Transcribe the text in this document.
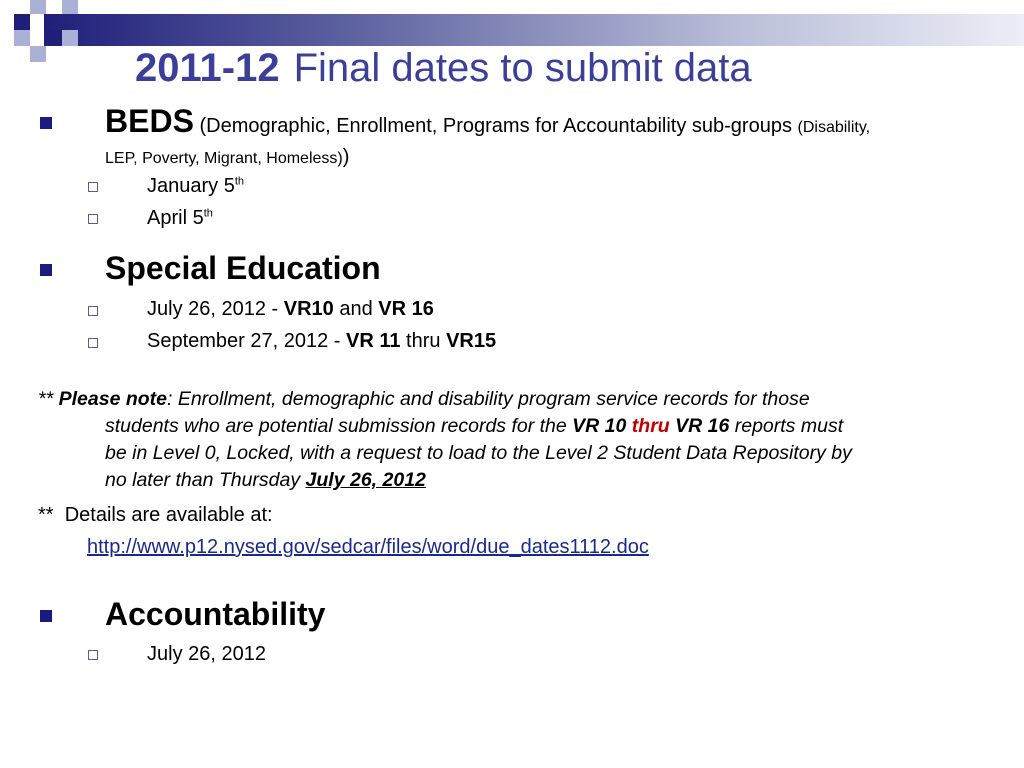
2011-12 Final dates to submit data
BEDS (Demographic, Enrollment, Programs for Accountability sub-groups (Disability,
LEP, Poverty, Migrant, Homeless))
January 5th
April 5th
Special Education
July 26, 2012 - VR10 and VR 16
September 27, 2012 - VR 11 thru VR15
** Please note: Enrollment, demographic and disability program service records for those
students who are potential submission records for the VR 10 thru VR 16 reports must
be in Level 0, Locked, with a request to load to the Level 2 Student Data Repository by
no later than Thursday July 26, 2012
** Details are available at:
http://www.p12.nysed.gov/sedcar/files/word/due_dates1112.doc
Accountability
July 26, 2012
